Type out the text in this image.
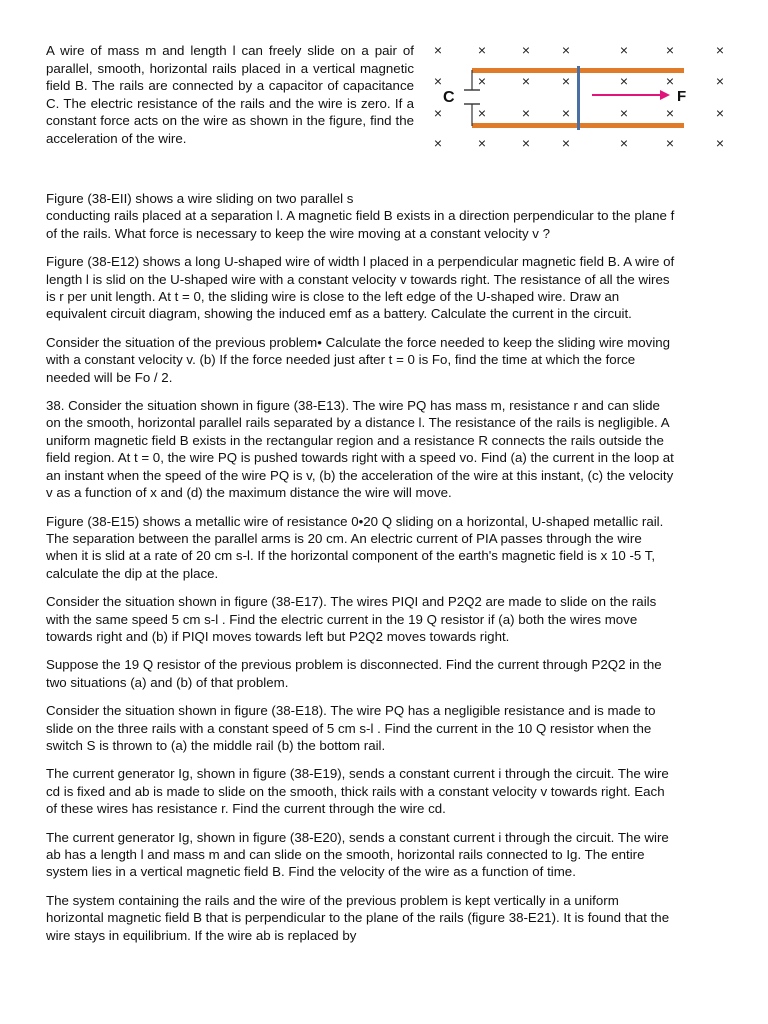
A wire of mass m and length l can freely slide on a pair of parallel, smooth, horizontal rails placed in a vertical magnetic field B. The rails are connected by a capacitor of capacitance C. The electric resistance of the rails and the wire is zero. If a constant force acts on the wire as shown in the figure, find the acceleration of the wire.

×	×	× ×	×	×	×
×	×	× ×	×	×	×
×	×	× ×	×	×	×
×	×	× ×	×	×	×
C	F

Figure (38-EII) shows a wire sliding on two parallel s
conducting rails placed at a separation l. A magnetic field B exists in a direction perpendicular to the plane f
of the rails. What force is necessary to keep the wire moving at a constant velocity v ?

Figure (38-E12) shows a long U-shaped wire of width l placed in a perpendicular magnetic field B. A wire of
length l is slid on the U-shaped wire with a constant velocity v towards right. The resistance of all the wires
is r per unit length. At t = 0, the sliding wire is close to the left edge of the U-shaped wire. Draw an
equivalent circuit diagram, showing the induced emf as a battery. Calculate the current in the circuit.

Consider the situation of the previous problem• Calculate the force needed to keep the sliding wire moving
with a constant velocity v. (b) If the force needed just after t = 0 is Fo, find the time at which the force
needed will be Fo / 2.

38. Consider the situation shown in figure (38-E13). The wire PQ has mass m, resistance r and can slide
on the smooth, horizontal parallel rails separated by a distance l. The resistance of the rails is negligible. A
uniform magnetic field B exists in the rectangular region and a resistance R connects the rails outside the
field region. At t = 0, the wire PQ is pushed towards right with a speed vo. Find (a) the current in the loop at
an instant when the speed of the wire PQ is v, (b) the acceleration of the wire at this instant, (c) the velocity
v as a function of x and (d) the maximum distance the wire will move.

Figure (38-E15) shows a metallic wire of resistance 0•20 Q sliding on a horizontal, U-shaped metallic rail.
The separation between the parallel arms is 20 cm. An electric current of PIA passes through the wire
when it is slid at a rate of 20 cm s-l. If the horizontal component of the earth's magnetic field is x 10 -5 T,
calculate the dip at the place.

Consider the situation shown in figure (38-E17). The wires PIQI and P2Q2 are made to slide on the rails
with the same speed 5 cm s-l . Find the electric current in the 19 Q resistor if (a) both the wires move
towards right and (b) if PIQI moves towards left but P2Q2 moves towards right.

Suppose the 19 Q resistor of the previous problem is disconnected. Find the current through P2Q2 in the
two situations (a) and (b) of that problem.

Consider the situation shown in figure (38-E18). The wire PQ has a negligible resistance and is made to
slide on the three rails with a constant speed of 5 cm s-l . Find the current in the 10 Q resistor when the
switch S is thrown to (a) the middle rail (b) the bottom rail.

The current generator Ig, shown in figure (38-E19), sends a constant current i through the circuit. The wire
cd is fixed and ab is made to slide on the smooth, thick rails with a constant velocity v towards right. Each
of these wires has resistance r. Find the current through the wire cd.

The current generator Ig, shown in figure (38-E20), sends a constant current i through the circuit. The wire
ab has a length l and mass m and can slide on the smooth, horizontal rails connected to Ig. The entire
system lies in a vertical magnetic field B. Find the velocity of the wire as a function of time.

The system containing the rails and the wire of the previous problem is kept vertically in a uniform
horizontal magnetic field B that is perpendicular to the plane of the rails (figure 38-E21). It is found that the
wire stays in equilibrium. If the wire ab is replaced by
